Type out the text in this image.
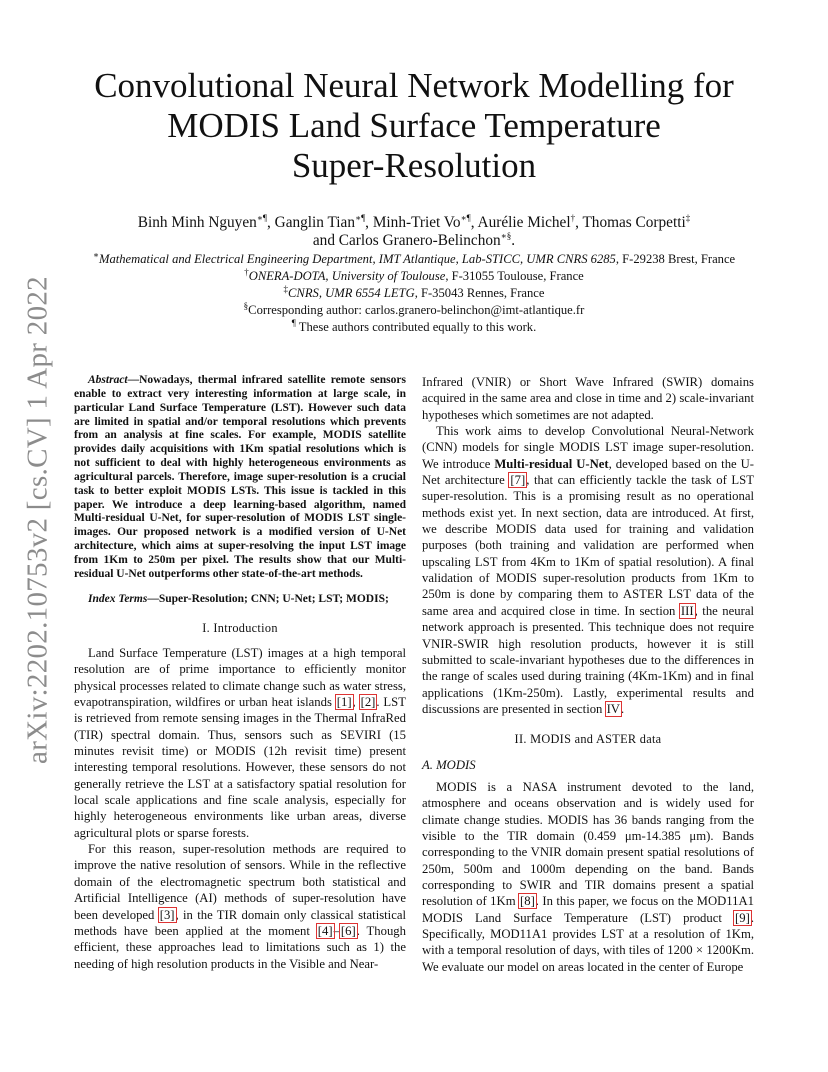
arXiv:2202.10753v2 [cs.CV] 1 Apr 2022
Convolutional Neural Network Modelling for
MODIS Land Surface Temperature
Super-Resolution
Binh Minh Nguyen∗¶, Ganglin Tian∗¶, Minh-Triet Vo∗¶, Aurélie Michel†, Thomas Corpetti‡
and Carlos Granero-Belinchon∗§.
∗Mathematical and Electrical Engineering Department, IMT Atlantique, Lab-STICC, UMR CNRS 6285, F-29238 Brest, France
†ONERA-DOTA, University of Toulouse, F-31055 Toulouse, France
‡CNRS, UMR 6554 LETG, F-35043 Rennes, France
§Corresponding author: carlos.granero-belinchon@imt-atlantique.fr
¶ These authors contributed equally to this work.

Abstract—Nowadays, thermal infrared satellite remote sensors enable to extract very interesting information at large scale, in particular Land Surface Temperature (LST). However such data are limited in spatial and/or temporal resolutions which prevents from an analysis at fine scales. For example, MODIS satellite provides daily acquisitions with 1Km spatial resolutions which is not sufficient to deal with highly heterogeneous environments as agricultural parcels. Therefore, image super-resolution is a crucial task to better exploit MODIS LSTs. This issue is tackled in this paper. We introduce a deep learning-based algorithm, named Multi-residual U-Net, for super-resolution of MODIS LST single-images. Our proposed network is a modified version of U-Net architecture, which aims at super-resolving the input LST image from 1Km to 250m per pixel. The results show that our Multi-residual U-Net outperforms other state-of-the-art methods.

Index Terms—Super-Resolution; CNN; U-Net; LST; MODIS;

I. Introduction

Land Surface Temperature (LST) images at a high temporal resolution are of prime importance to efficiently monitor physical processes related to climate change such as water stress, evapotranspiration, wildfires or urban heat islands [1], [2]. LST is retrieved from remote sensing images in the Thermal InfraRed (TIR) spectral domain. Thus, sensors such as SEVIRI (15 minutes revisit time) or MODIS (12h revisit time) present interesting temporal resolutions. However, these sensors do not generally retrieve the LST at a satisfactory spatial resolution for local scale applications and fine scale analysis, especially for highly heterogeneous environments like urban areas, diverse agricultural plots or sparse forests.

For this reason, super-resolution methods are required to improve the native resolution of sensors. While in the reflective domain of the electromagnetic spectrum both statistical and Artificial Intelligence (AI) methods of super-resolution have been developed [3], in the TIR domain only classical statistical methods have been applied at the moment [4]–[6]. Though efficient, these approaches lead to limitations such as 1) the needing of high resolution products in the Visible and Near-

Infrared (VNIR) or Short Wave Infrared (SWIR) domains acquired in the same area and close in time and 2) scale-invariant hypotheses which sometimes are not adapted.

This work aims to develop Convolutional Neural-Network (CNN) models for single MODIS LST image super-resolution. We introduce Multi-residual U-Net, developed based on the U-Net architecture [7], that can efficiently tackle the task of LST super-resolution. This is a promising result as no operational methods exist yet. In next section, data are introduced. At first, we describe MODIS data used for training and validation purposes (both training and validation are performed when upscaling LST from 4Km to 1Km of spatial resolution). A final validation of MODIS super-resolution products from 1Km to 250m is done by comparing them to ASTER LST data of the same area and acquired close in time. In section III, the neural network approach is presented. This technique does not require VNIR-SWIR high resolution products, however it is still submitted to scale-invariant hypotheses due to the differences in the range of scales used during training (4Km-1Km) and in final applications (1Km-250m). Lastly, experimental results and discussions are presented in section IV.

II. MODIS and ASTER data

A. MODIS

MODIS is a NASA instrument devoted to the land, atmosphere and oceans observation and is widely used for climate change studies. MODIS has 36 bands ranging from the visible to the TIR domain (0.459 μm-14.385 μm). Bands corresponding to the VNIR domain present spatial resolutions of 250m, 500m and 1000m depending on the band. Bands corresponding to SWIR and TIR domains present a spatial resolution of 1Km [8]. In this paper, we focus on the MOD11A1 MODIS Land Surface Temperature (LST) product [9]. Specifically, MOD11A1 provides LST at a resolution of 1Km, with a temporal resolution of days, with tiles of 1200 × 1200Km. We evaluate our model on areas located in the center of Europe
